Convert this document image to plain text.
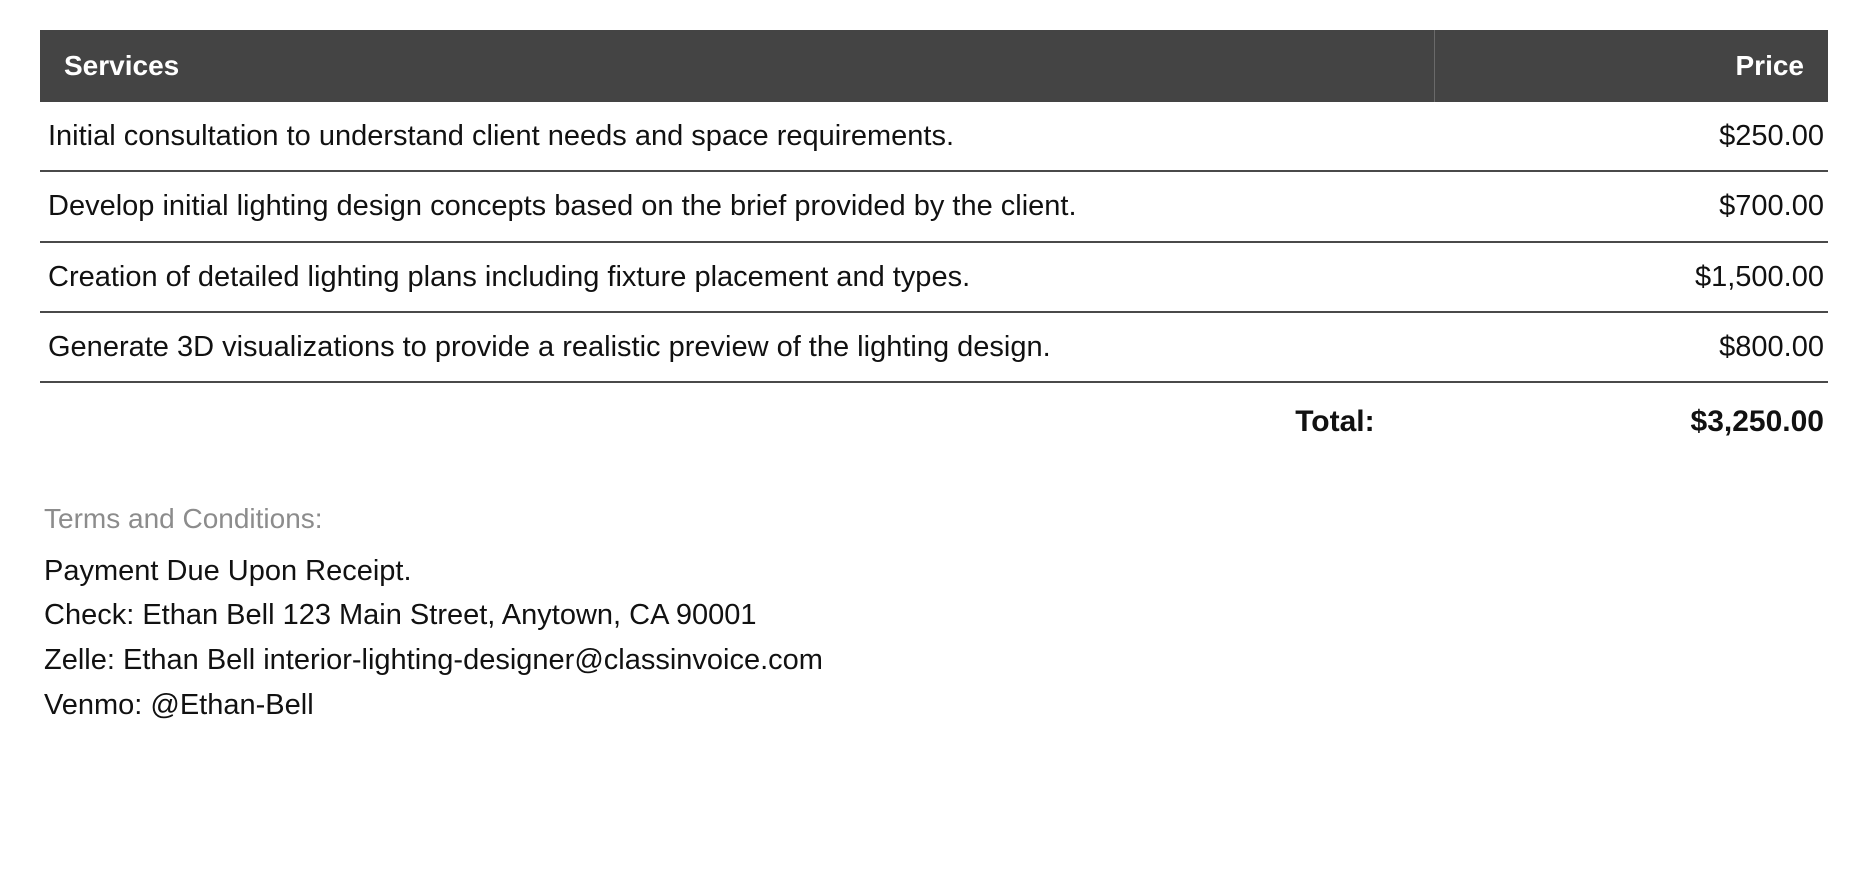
Services	Price
Initial consultation to understand client needs and space requirements.	$250.00
Develop initial lighting design concepts based on the brief provided by the client.	$700.00
Creation of detailed lighting plans including fixture placement and types.	$1,500.00
Generate 3D visualizations to provide a realistic preview of the lighting design.	$800.00
Total:	$3,250.00
Terms and Conditions:
Payment Due Upon Receipt.
Check: Ethan Bell 123 Main Street, Anytown, CA 90001
Zelle: Ethan Bell interior-lighting-designer@classinvoice.com
Venmo: @Ethan-Bell
